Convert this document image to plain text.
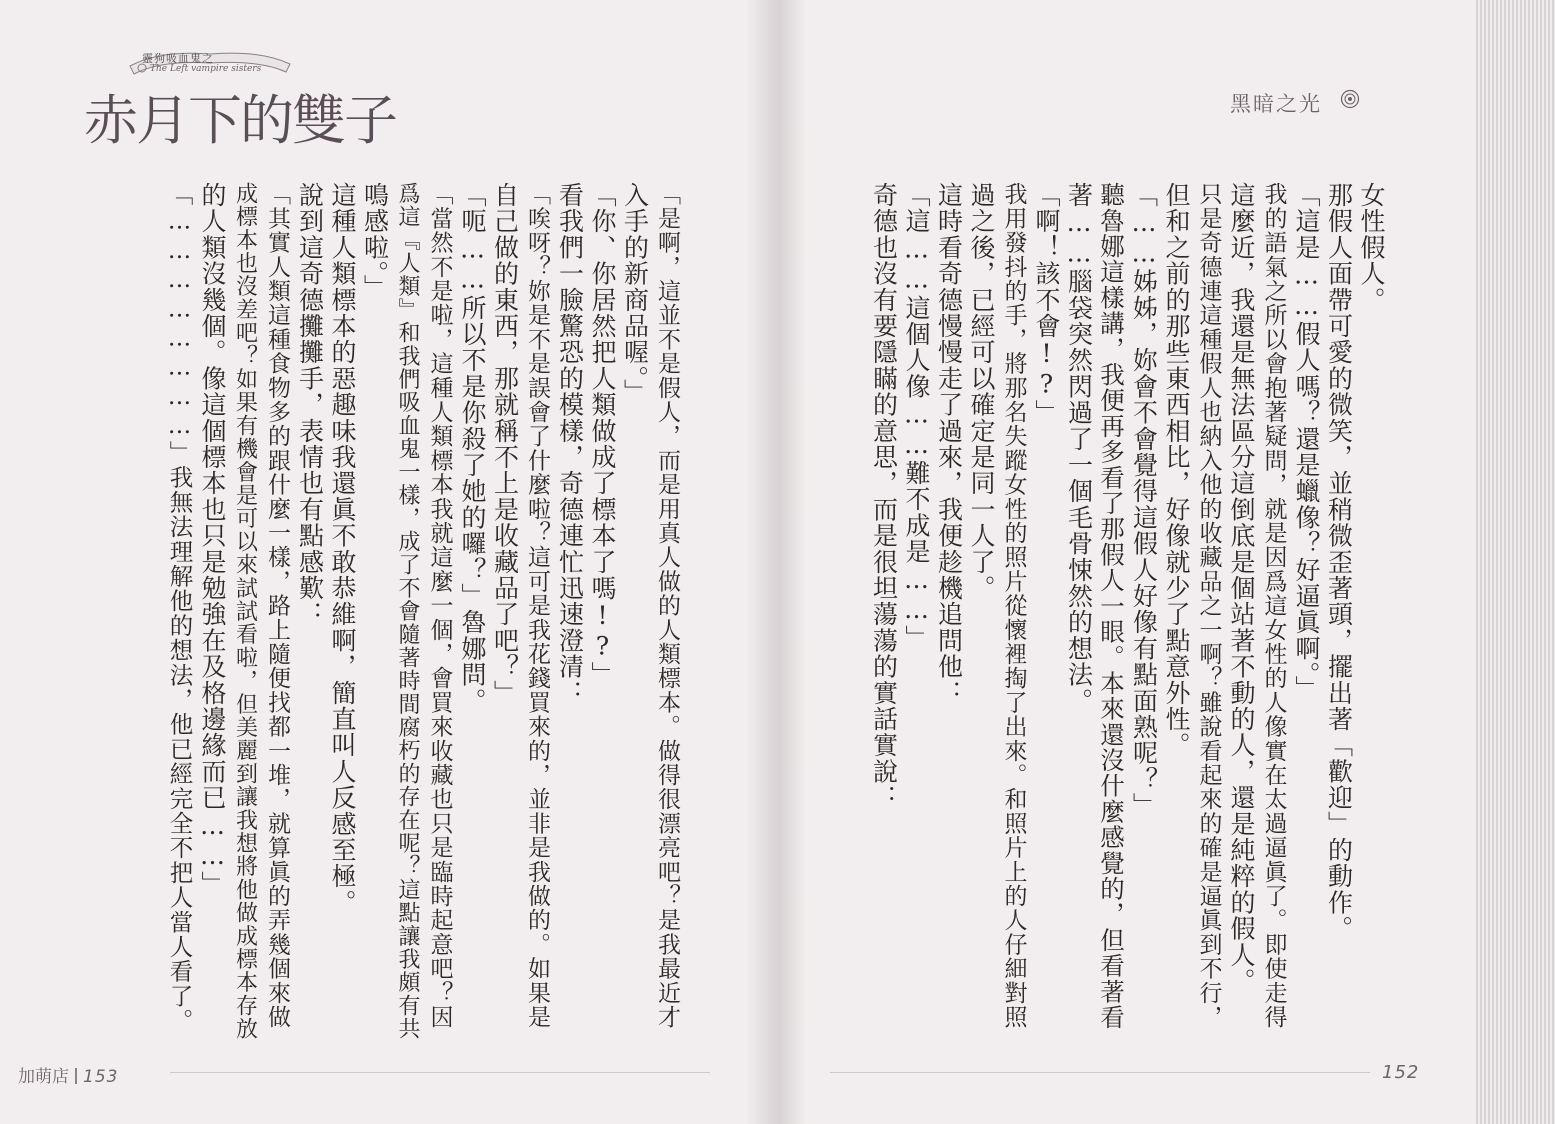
靈狗吸血鬼之
The Left vampire sisters
赤月下的雙子
「是啊，這並不是假人，而是用真人做的人類標本。做得很漂亮吧？是我最近才
入手的新商品喔。」
「你、你居然把人類做成了標本了嗎!?」
看我們一臉驚恐的模樣，奇德連忙迅速澄清：
「唉呀？妳是不是誤會了什麼啦？這可是我花錢買來的，並非是我做的。如果是
自己做的東西，那就稱不上是收藏品了吧？」
「呃……所以不是你殺了她的囉？」魯娜問。
「當然不是啦，這種人類標本我就這麼一個，會買來收藏也只是臨時起意吧？因
爲這『人類』和我們吸血鬼一樣，成了不會隨著時間腐朽的存在呢？這點讓我頗有共
鳴感啦。」
這種人類標本的惡趣味我還眞不敢恭維啊，簡直叫人反感至極。
說到這奇德攤攤手，表情也有點感歎：
「其實人類這種食物多的跟什麼一樣，路上隨便找都一堆，就算眞的弄幾個來做
成標本也沒差吧？如果有機會是可以來試試看啦，但美麗到讓我想將他做成標本存放
的人類沒幾個。像這個標本也只是勉強在及格邊緣而已……」
「……………………」我無法理解他的想法，他已經完全不把人當人看了。
黑暗之光
女性假人。
那假人面帶可愛的微笑，並稍微歪著頭，擺出著「歡迎」的動作。
「這是……假人嗎？還是蠟像？好逼眞啊。」
我的語氣之所以會抱著疑問，就是因爲這女性的人像實在太過逼眞了。即使走得
這麼近，我還是無法區分這倒底是個站著不動的人，還是純粹的假人。
只是奇德連這種假人也納入他的收藏品之一啊？雖說看起來的確是逼眞到不行，
但和之前的那些東西相比，好像就少了點意外性。
「……姊姊，妳會不會覺得這假人好像有點面熟呢？」
聽魯娜這樣講，我便再多看了那假人一眼。本來還沒什麼感覺的，但看著看
著……腦袋突然閃過了一個毛骨悚然的想法。
「啊！該不會!?」
我用發抖的手，將那名失蹤女性的照片從懷裡掏了出來。和照片上的人仔細對照
過之後，已經可以確定是同一人了。
這時看奇德慢慢走了過來，我便趁機追問他：
「這……這個人像……難不成是……」
奇德也沒有要隱瞞的意思，而是很坦蕩蕩的實話實說：
加萌店 153	152
